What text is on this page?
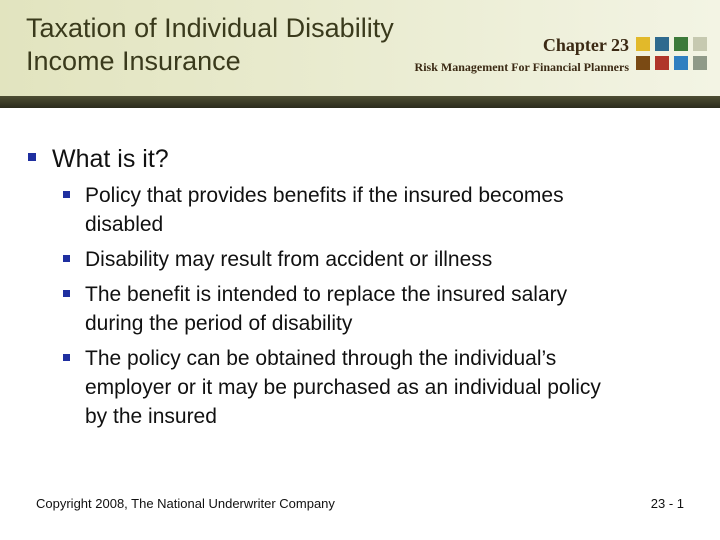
Taxation of Individual Disability
Income Insurance
Chapter 23
Risk Management For Financial Planners
What is it?
Policy that provides benefits if the insured becomes
disabled
Disability may result from accident or illness
The benefit is intended to replace the insured salary
during the period of disability
The policy can be obtained through the individual’s
employer or it may be purchased as an individual policy
by the insured
Copyright 2008, The National Underwriter Company	23 - 1
